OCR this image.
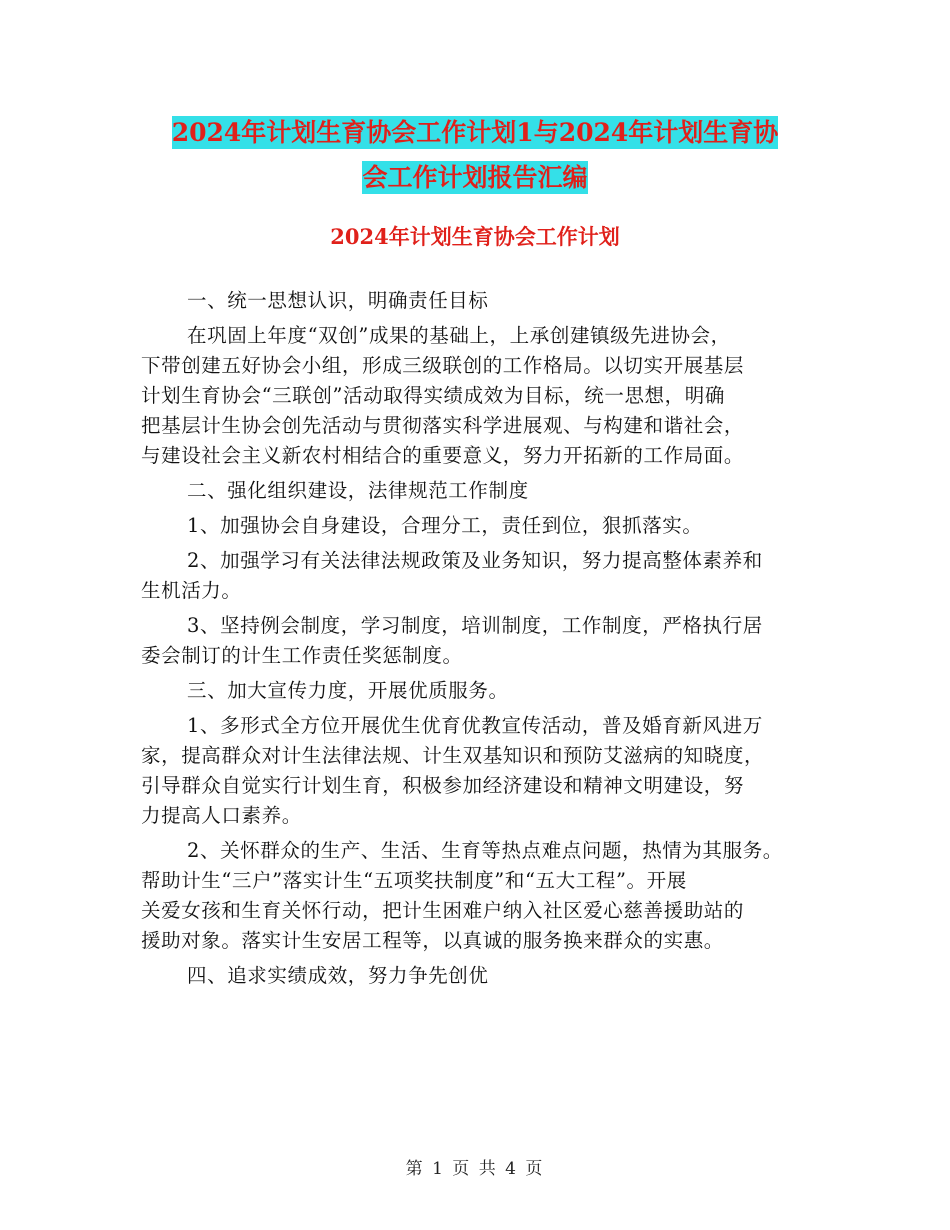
2024年计划生育协会工作计划1与2024年计划生育协
会工作计划报告汇编
2024年计划生育协会工作计划
一、统一思想认识，明确责任目标
在巩固上年度“双创”成果的基础上，上承创建镇级先进协会，
下带创建五好协会小组，形成三级联创的工作格局。以切实开展基层
计划生育协会“三联创”活动取得实绩成效为目标，统一思想，明确
把基层计生协会创先活动与贯彻落实科学进展观、与构建和谐社会，
与建设社会主义新农村相结合的重要意义，努力开拓新的工作局面。
二、强化组织建设，法律规范工作制度
1、加强协会自身建设，合理分工，责任到位，狠抓落实。
2、加强学习有关法律法规政策及业务知识，努力提高整体素养和
生机活力。
3、坚持例会制度，学习制度，培训制度，工作制度，严格执行居
委会制订的计生工作责任奖惩制度。
三、加大宣传力度，开展优质服务。
1、多形式全方位开展优生优育优教宣传活动，普及婚育新风进万
家，提高群众对计生法律法规、计生双基知识和预防艾滋病的知晓度，
引导群众自觉实行计划生育，积极参加经济建设和精神文明建设，努
力提高人口素养。
2、关怀群众的生产、生活、生育等热点难点问题，热情为其服务。
帮助计生“三户”落实计生“五项奖扶制度”和“五大工程”。开展
关爱女孩和生育关怀行动，把计生困难户纳入社区爱心慈善援助站的
援助对象。落实计生安居工程等，以真诚的服务换来群众的实惠。
四、追求实绩成效，努力争先创优
第 1 页 共 4 页
